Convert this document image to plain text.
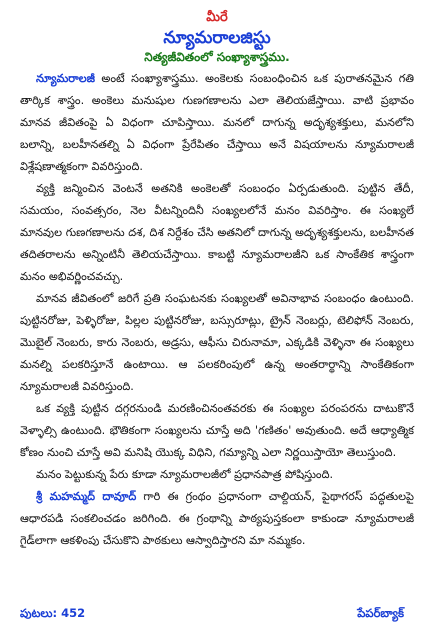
మీరే
న్యూమరాలజిస్టు
నిత్యజీవితంలో సంఖ్యాశాస్త్రము.

న్యూమరాలజీ అంటే సంఖ్యాశాస్త్రము. అంకెలకు సంబంధించిన ఒక పురాతనమైన గతి తార్కిక శాస్త్రం. అంకెలు మనుషుల గుణగణాలను ఎలా తెలియజేస్తాయి. వాటి ప్రభావం మానవ జీవితంపై ఏ విధంగా చూపిస్తాయి. మనలో దాగున్న అదృశ్యశక్తులు, మనలోని బలాన్ని, బలహీనతల్ని ఏ విధంగా ప్రేరేపితం చేస్తాయి అనే విషయాలను న్యూమరాలజీ విశ్లేషణాత్మకంగా వివరిస్తుంది.

వ్యక్తి జన్మించిన వెంటనే అతనికి అంకెలతో సంబంధం ఏర్పడుతుంది. పుట్టిన తేదీ, సమయం, సంవత్సరం, నెల వీటన్నిందినీ సంఖ్యలలోనే మనం వివరిస్తాం. ఈ సంఖ్యలే మానవుల గుణగణాలను దశ, దిశ నిర్దేశం చేసి అతనిలో దాగున్న అదృశ్యశక్తులను, బలహీనత తదితరాలను అన్నింటినీ తెలియచేస్తాయి. కాబట్టి న్యూమరాలజీని ఒక సాంకేతిక శాస్త్రంగా మనం అభివర్ణించవచ్చు.

మానవ జీవితంలో జరిగే ప్రతి సంఘటనకు సంఖ్యలతో అవినాభావ సంబంధం ఉంటుంది. పుట్టినరోజు, పెళ్ళిరోజు, పిల్లల పుట్టినరోజు, బస్సురూట్లు, ట్రైన్ నెంబర్లు, టెలిఫోన్ నెంబరు, మొబైల్ నెంబరు, కారు నెంబరు, అడ్రసు, ఆఫీసు చిరునామా, ఎక్కడికి వెళ్ళినా ఈ సంఖ్యలు మనల్ని పలకరిస్తూనే ఉంటాయి. ఆ పలకరింపులో ఉన్న అంతరార్థాన్ని సాంకేతికంగా న్యూమరాలజీ వివరిస్తుంది.

ఒక వ్యక్తి పుట్టిన దగ్గరనుండి మరణించినంతవరకు ఈ సంఖ్యల పరంపరను దాటుకొనే వెళ్ళాల్సి ఉంటుంది. భౌతికంగా సంఖ్యలను చూస్తే అది 'గణితం' అవుతుంది. అదే ఆధ్యాత్మిక కోణం నుంచి చూస్తే అవి మనిషి యొక్క విధిని, గమ్యాన్ని ఎలా నిర్ణయిస్తాయో తెలుస్తుంది.

మనం పెట్టుకున్న పేరు కూడా న్యూమరాలజీలో ప్రధానపాత్ర పోషిస్తుంది.

శ్రీ మహమ్మద్ దావూద్ గారి ఈ గ్రంథం ప్రధానంగా చాల్దియన్, పైథాగరస్ పద్ధతులపై ఆధారపడి సంకలించడం జరిగింది. ఈ గ్రంథాన్ని పాఠ్యపుస్తకంలా కాకుండా న్యూమరాలజీ గైడ్‌లాగా ఆకళింపు చేసుకొని పాఠకులు ఆస్వాదిస్తారని మా నమ్మకం.

పుటలు: 452	పేపర్‌బ్యాక్
